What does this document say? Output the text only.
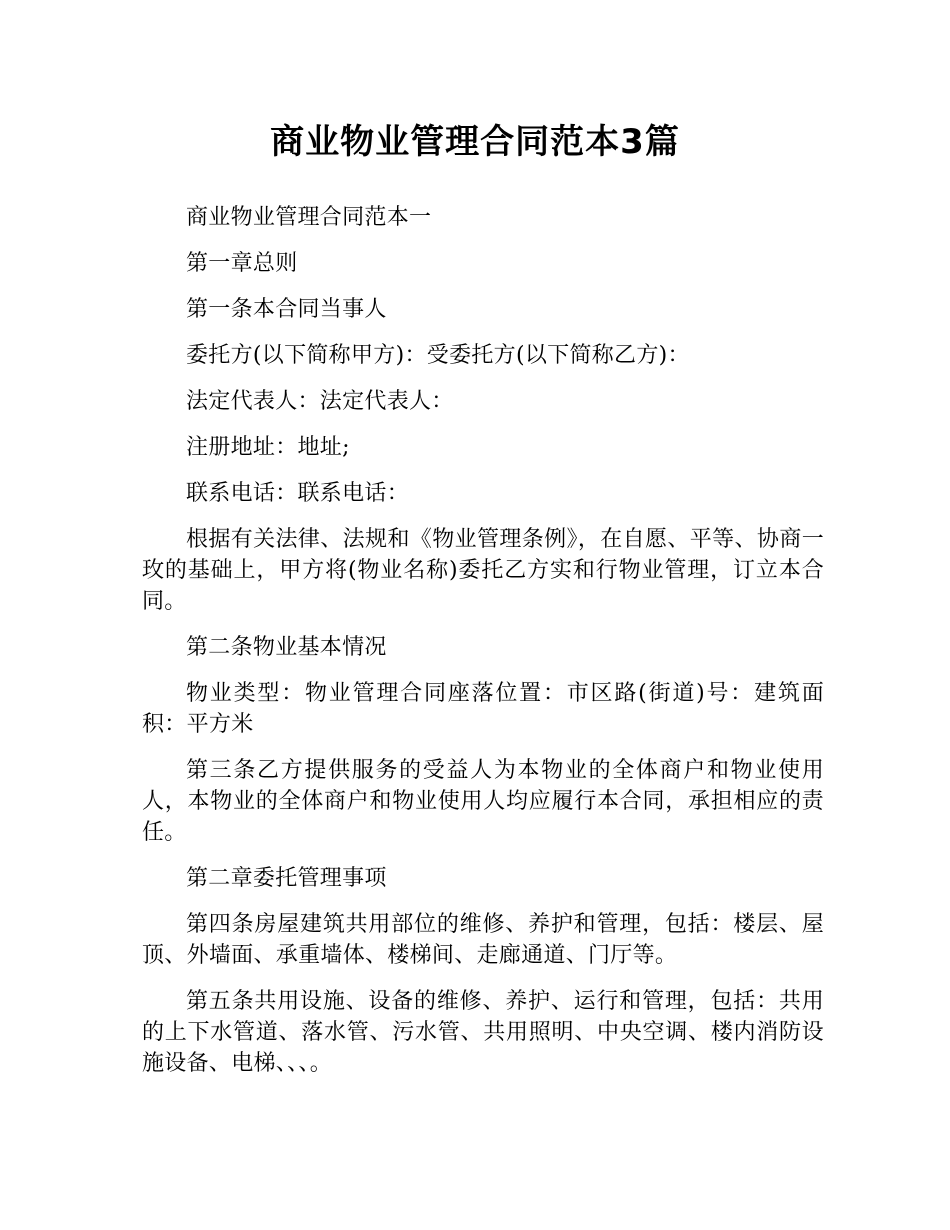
商业物业管理合同范本3篇

商业物业管理合同范本一

第一章总则

第一条本合同当事人

委托方(以下简称甲方)：受委托方(以下简称乙方)：

法定代表人：法定代表人：

注册地址：地址;

联系电话：联系电话：

根据有关法律、法规和《物业管理条例》，在自愿、平等、协商一玫的基础上，甲方将(物业名称)委托乙方实和行物业管理，订立本合同。

第二条物业基本情况

物业类型：物业管理合同座落位置：市区路(街道)号：建筑面积：平方米

第三条乙方提供服务的受益人为本物业的全体商户和物业使用人，本物业的全体商户和物业使用人均应履行本合同，承担相应的责任。

第二章委托管理事项

第四条房屋建筑共用部位的维修、养护和管理，包括：楼层、屋顶、外墙面、承重墙体、楼梯间、走廊通道、门厅等。

第五条共用设施、设备的维修、养护、运行和管理，包括：共用的上下水管道、落水管、污水管、共用照明、中央空调、楼内消防设施设备、电梯、、、。
